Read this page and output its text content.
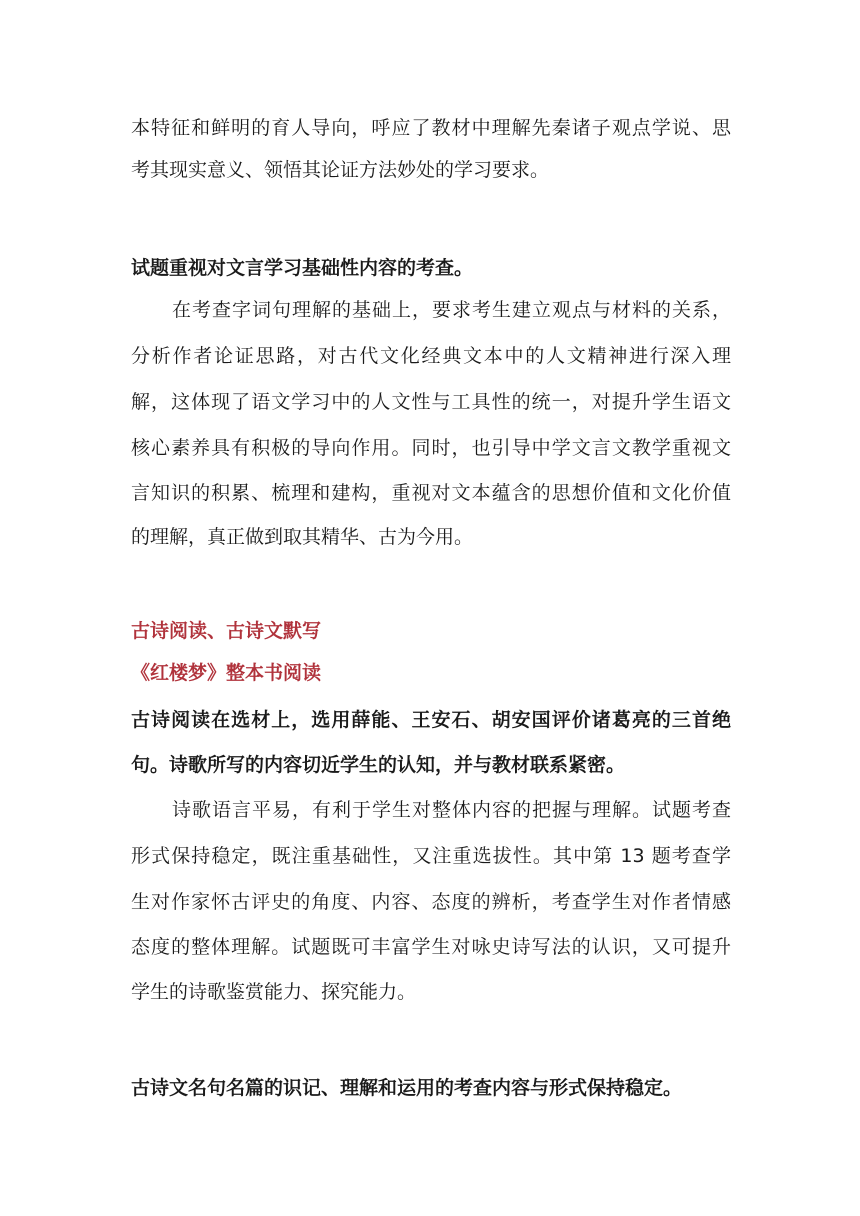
本特征和鲜明的育人导向，呼应了教材中理解先秦诸子观点学说、思
考其现实意义、领悟其论证方法妙处的学习要求。
试题重视对文言学习基础性内容的考查。
在考查字词句理解的基础上，要求考生建立观点与材料的关系，
分析作者论证思路，对古代文化经典文本中的人文精神进行深入理
解，这体现了语文学习中的人文性与工具性的统一，对提升学生语文
核心素养具有积极的导向作用。同时，也引导中学文言文教学重视文
言知识的积累、梳理和建构，重视对文本蕴含的思想价值和文化价值
的理解，真正做到取其精华、古为今用。
古诗阅读、古诗文默写
《红楼梦》整本书阅读
古诗阅读在选材上，选用薛能、王安石、胡安国评价诸葛亮的三首绝
句。诗歌所写的内容切近学生的认知，并与教材联系紧密。
诗歌语言平易，有利于学生对整体内容的把握与理解。试题考查
形式保持稳定，既注重基础性，又注重选拔性。其中第 13 题考查学
生对作家怀古评史的角度、内容、态度的辨析，考查学生对作者情感
态度的整体理解。试题既可丰富学生对咏史诗写法的认识，又可提升
学生的诗歌鉴赏能力、探究能力。
古诗文名句名篇的识记、理解和运用的考查内容与形式保持稳定。
